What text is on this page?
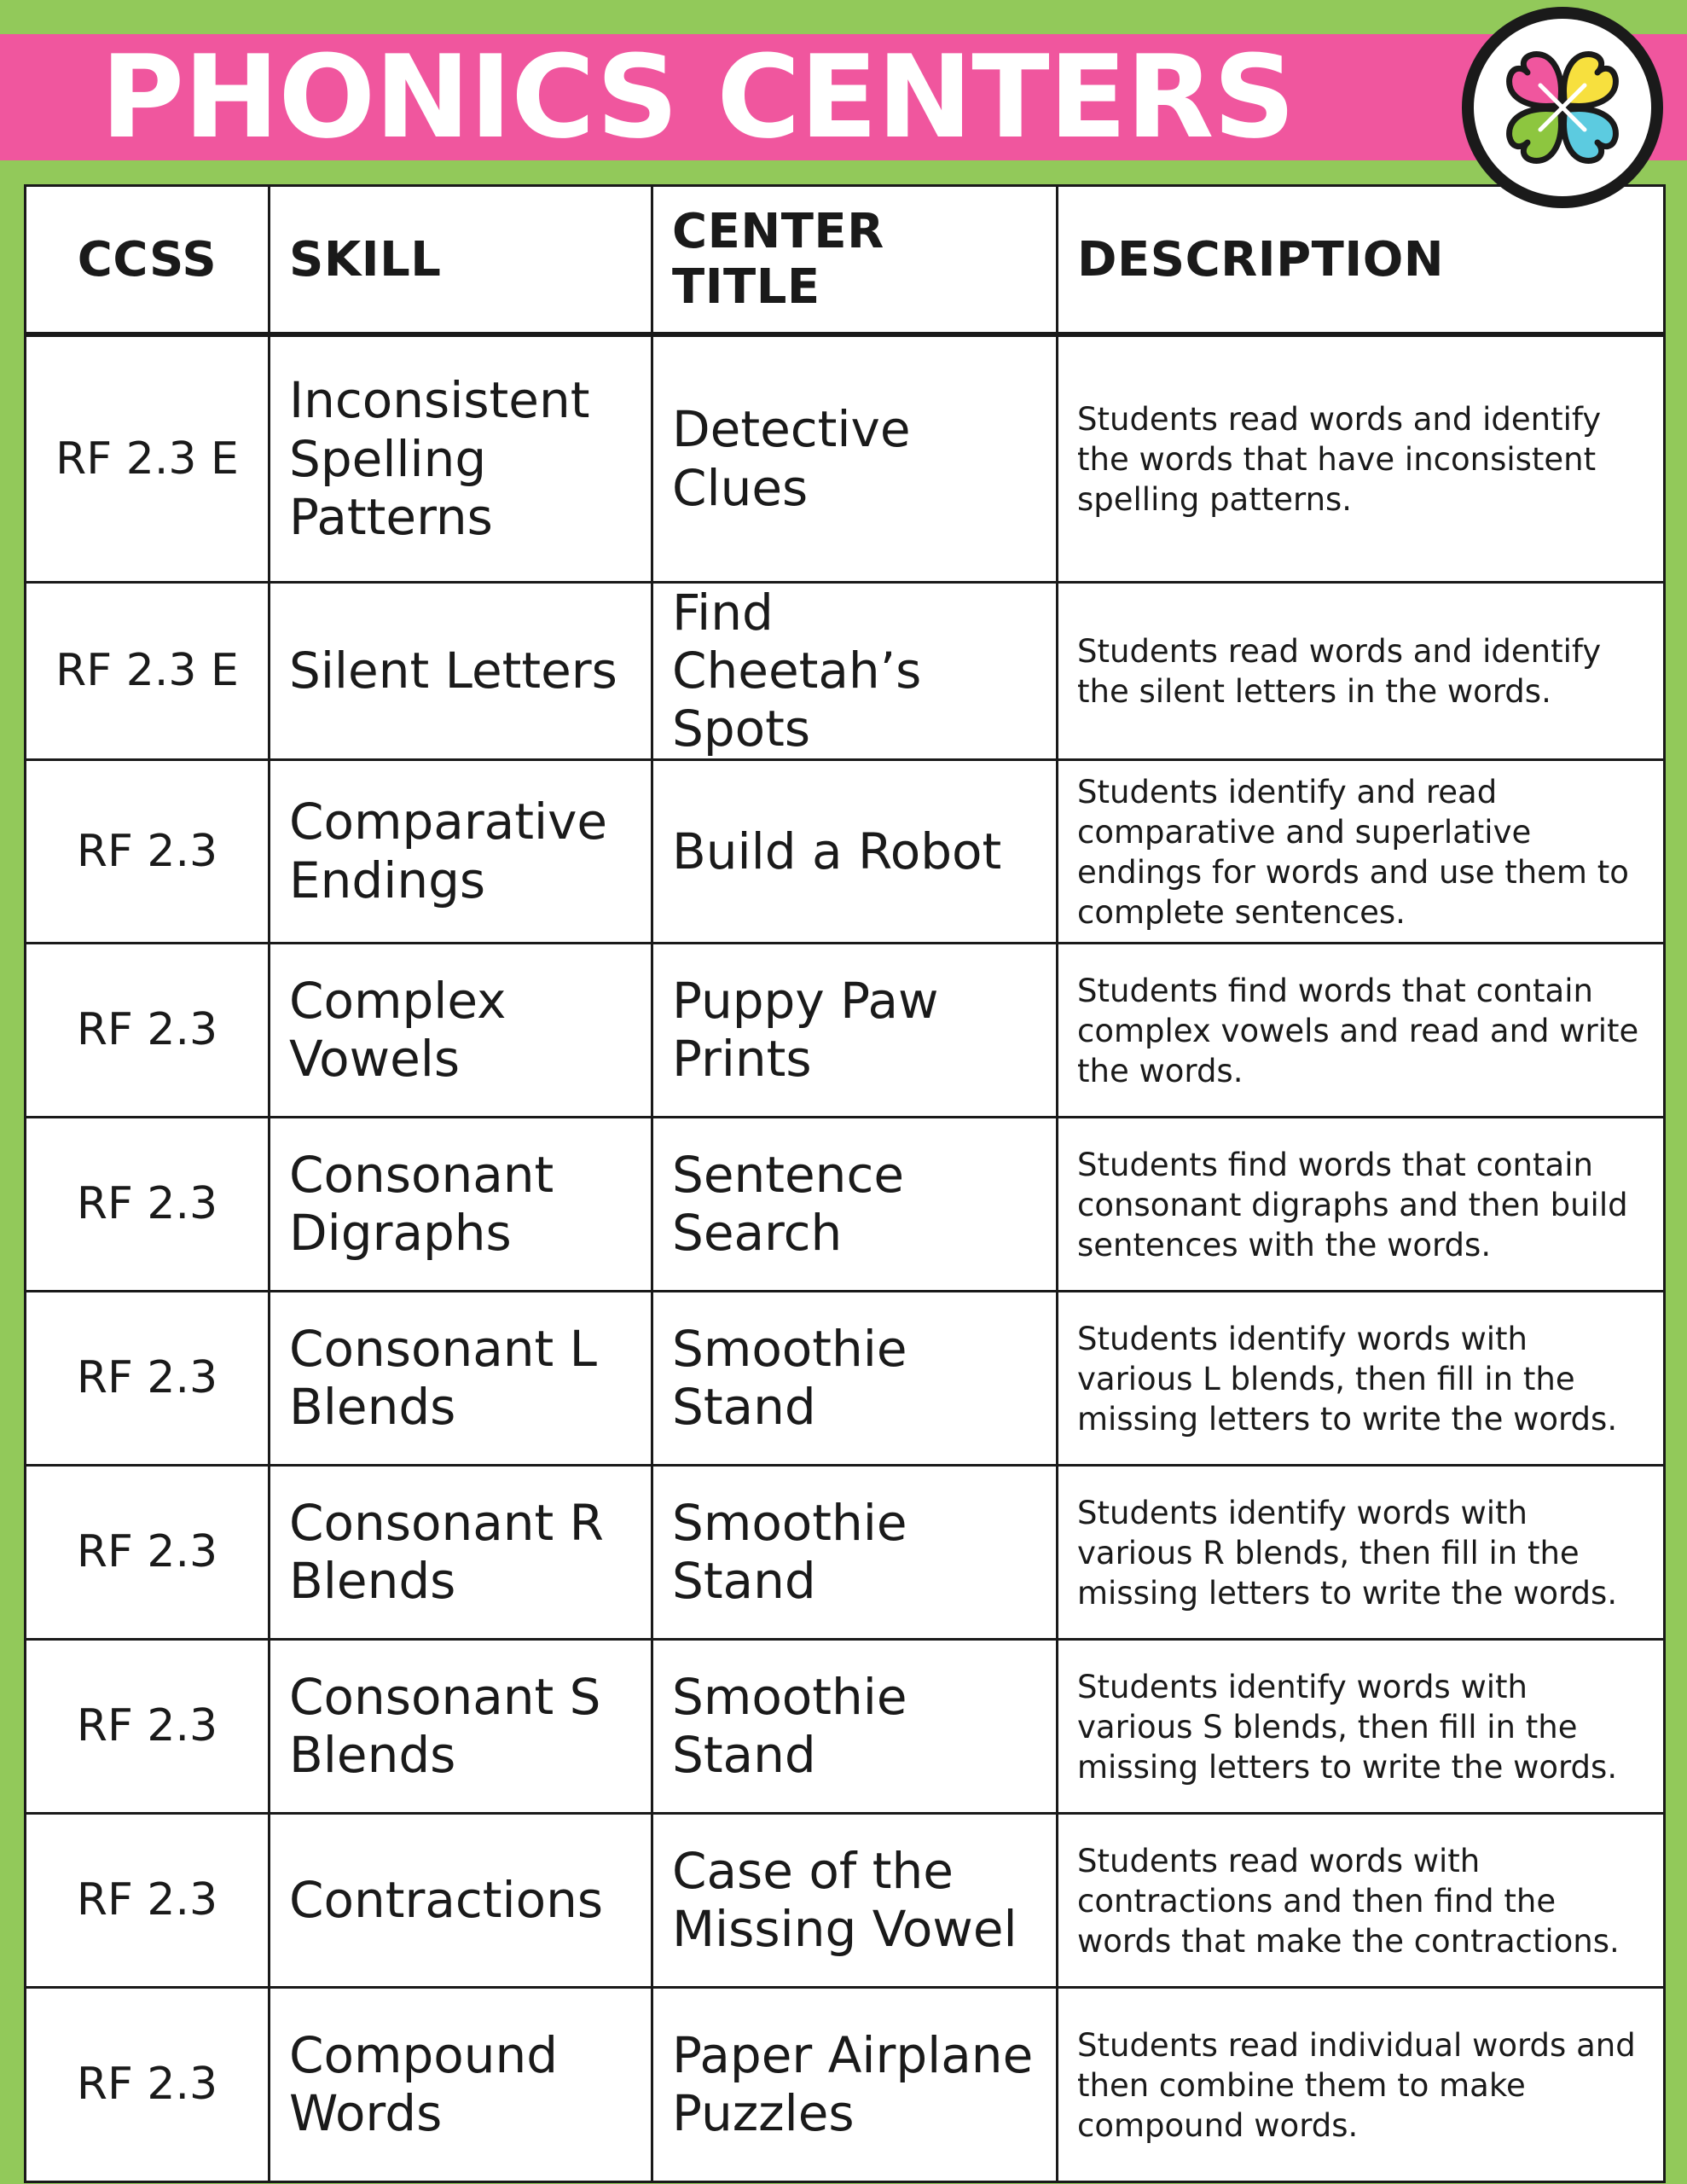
PHONICS CENTERS
CCSS	SKILL	CENTER TITLE	DESCRIPTION
RF 2.3 E	Inconsistent Spelling Patterns	Detective Clues	Students read words and identify the words that have inconsistent spelling patterns.
RF 2.3 E	Silent Letters	Find Cheetah’s Spots	Students read words and identify the silent letters in the words.
RF 2.3	Comparative Endings	Build a Robot	Students identify and read comparative and superlative endings for words and use them to complete sentences.
RF 2.3	Complex Vowels	Puppy Paw Prints	Students find words that contain complex vowels and read and write the words.
RF 2.3	Consonant Digraphs	Sentence Search	Students find words that contain consonant digraphs and then build sentences with the words.
RF 2.3	Consonant L Blends	Smoothie Stand	Students identify words with various L blends, then fill in the missing letters to write the words.
RF 2.3	Consonant R Blends	Smoothie Stand	Students identify words with various R blends, then fill in the missing letters to write the words.
RF 2.3	Consonant S Blends	Smoothie Stand	Students identify words with various S blends, then fill in the missing letters to write the words.
RF 2.3	Contractions	Case of the Missing Vowel	Students read words with contractions and then find the words that make the contractions.
RF 2.3	Compound Words	Paper Airplane Puzzles	Students read individual words and then combine them to make compound words.
